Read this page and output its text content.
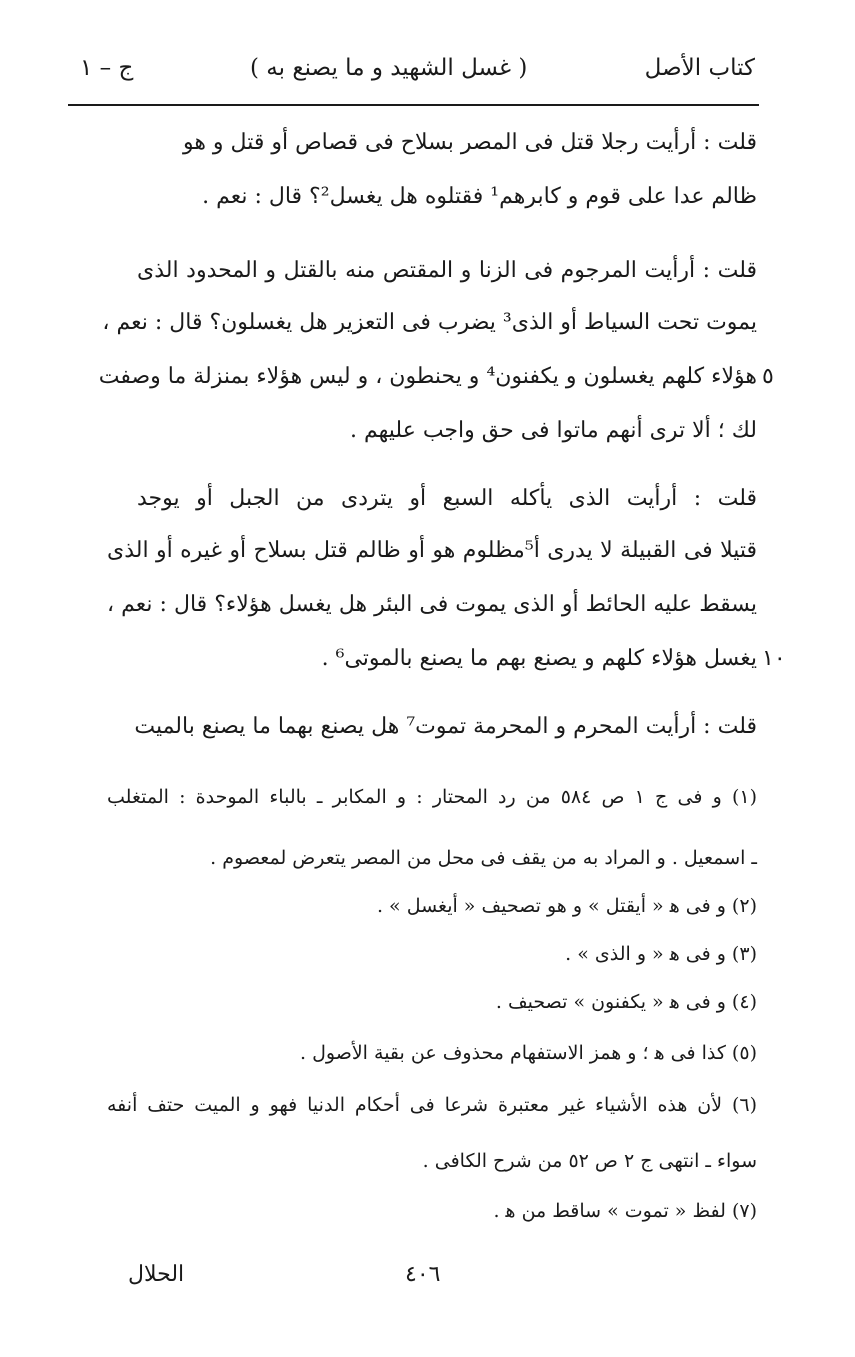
كتاب الأصل
( غسل الشهيد و ما يصنع به )
ج – ١
قلت : أرأيت رجلا قتل فى المصر بسلاح فى قصاص أو قتل و هو
ظالم عدا على قوم و كابرهم¹ فقتلوه هل يغسل²؟ قال : نعم .
قلت : أرأيت المرجوم فى الزنا و المقتص منه بالقتل و المحدود الذى
يموت تحت السياط أو الذى³ يضرب فى التعزير هل يغسلون؟ قال : نعم ،
هؤلاء كلهم يغسلون و يكفنون⁴ و يحنطون ، و ليس هؤلاء بمنزلة ما وصفت
لك ؛ ألا ترى أنهم ماتوا فى حق واجب عليهم .
قلت : أرأيت الذى يأكله السبع أو يتردى من الجبل أو يوجد
قتيلا فى القبيلة لا يدرى أ⁵مظلوم هو أو ظالم قتل بسلاح أو غيره أو الذى
يسقط عليه الحائط أو الذى يموت فى البئر هل يغسل هؤلاء؟ قال : نعم ،
يغسل هؤلاء كلهم و يصنع بهم ما يصنع بالموتى⁶ .
قلت : أرأيت المحرم و المحرمة تموت⁷ هل يصنع بهما ما يصنع بالميت
٥
١٠
(١) و فى ج ١ ص ٥٨٤ من رد المحتار : و المكابر ـ بالباء الموحدة : المتغلب
ـ اسمعيل . و المراد به من يقف فى محل من المصر يتعرض لمعصوم .
(٢) و فى ﻫ « أيقتل » و هو تصحيف « أيغسل » .
(٣) و فى ﻫ « و الذى » .
(٤) و فى ﻫ « يكفنون » تصحيف .
(٥) كذا فى ﻫ ؛ و همز الاستفهام محذوف عن بقية الأصول .
(٦) لأن هذه الأشياء غير معتبرة شرعا فى أحكام الدنيا فهو و الميت حتف أنفه
سواء ـ انتهى ج ٢ ص ٥٢ من شرح الكافى .
(٧) لفظ « تموت » ساقط من ﻫ .
٤٠٦
الحلال
